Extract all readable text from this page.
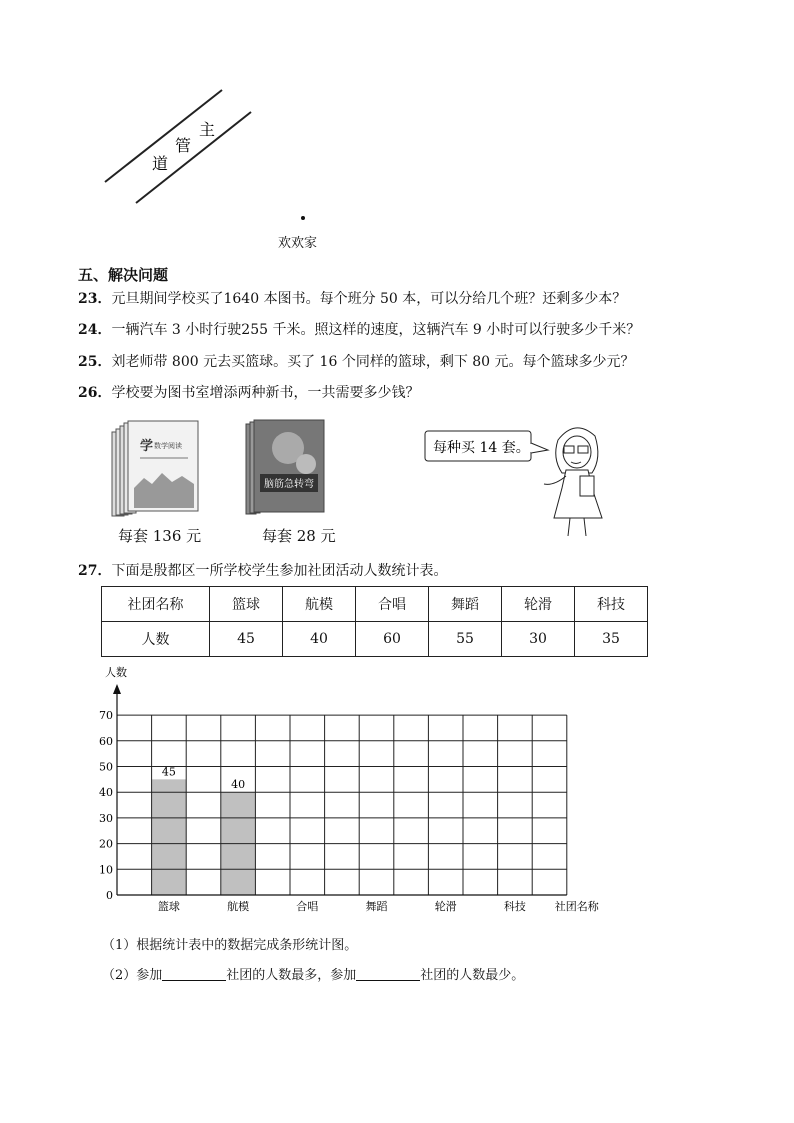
主
管
道
欢欢家
五、解决问题
23．元旦期间学校买了1640 本图书。每个班分 50 本，可以分给几个班？还剩多少本？
24．一辆汽车 3 小时行驶255 千米。照这样的速度，这辆汽车 9 小时可以行驶多少千米？
25．刘老师带 800 元去买篮球。买了 16 个同样的篮球，剩下 80 元。每个篮球多少元？
26．学校要为图书室增添两种新书，一共需要多少钱？
学 数学阅读
每套 136 元
脑筋急转弯
每套 28 元
每种买 14 套。
27．下面是殷都区一所学校学生参加社团活动人数统计表。
社团名称	篮球	航模	合唱	舞蹈	轮滑	科技
人数	45	40	60	55	30	35
45
40
0
10
20
30
40
50
60
70
篮球	航模	合唱	舞蹈	轮滑	科技
人数
社团名称
（1）根据统计表中的数据完成条形统计图。
（2）参加	社团的人数最多，参加	社团的人数最少。
